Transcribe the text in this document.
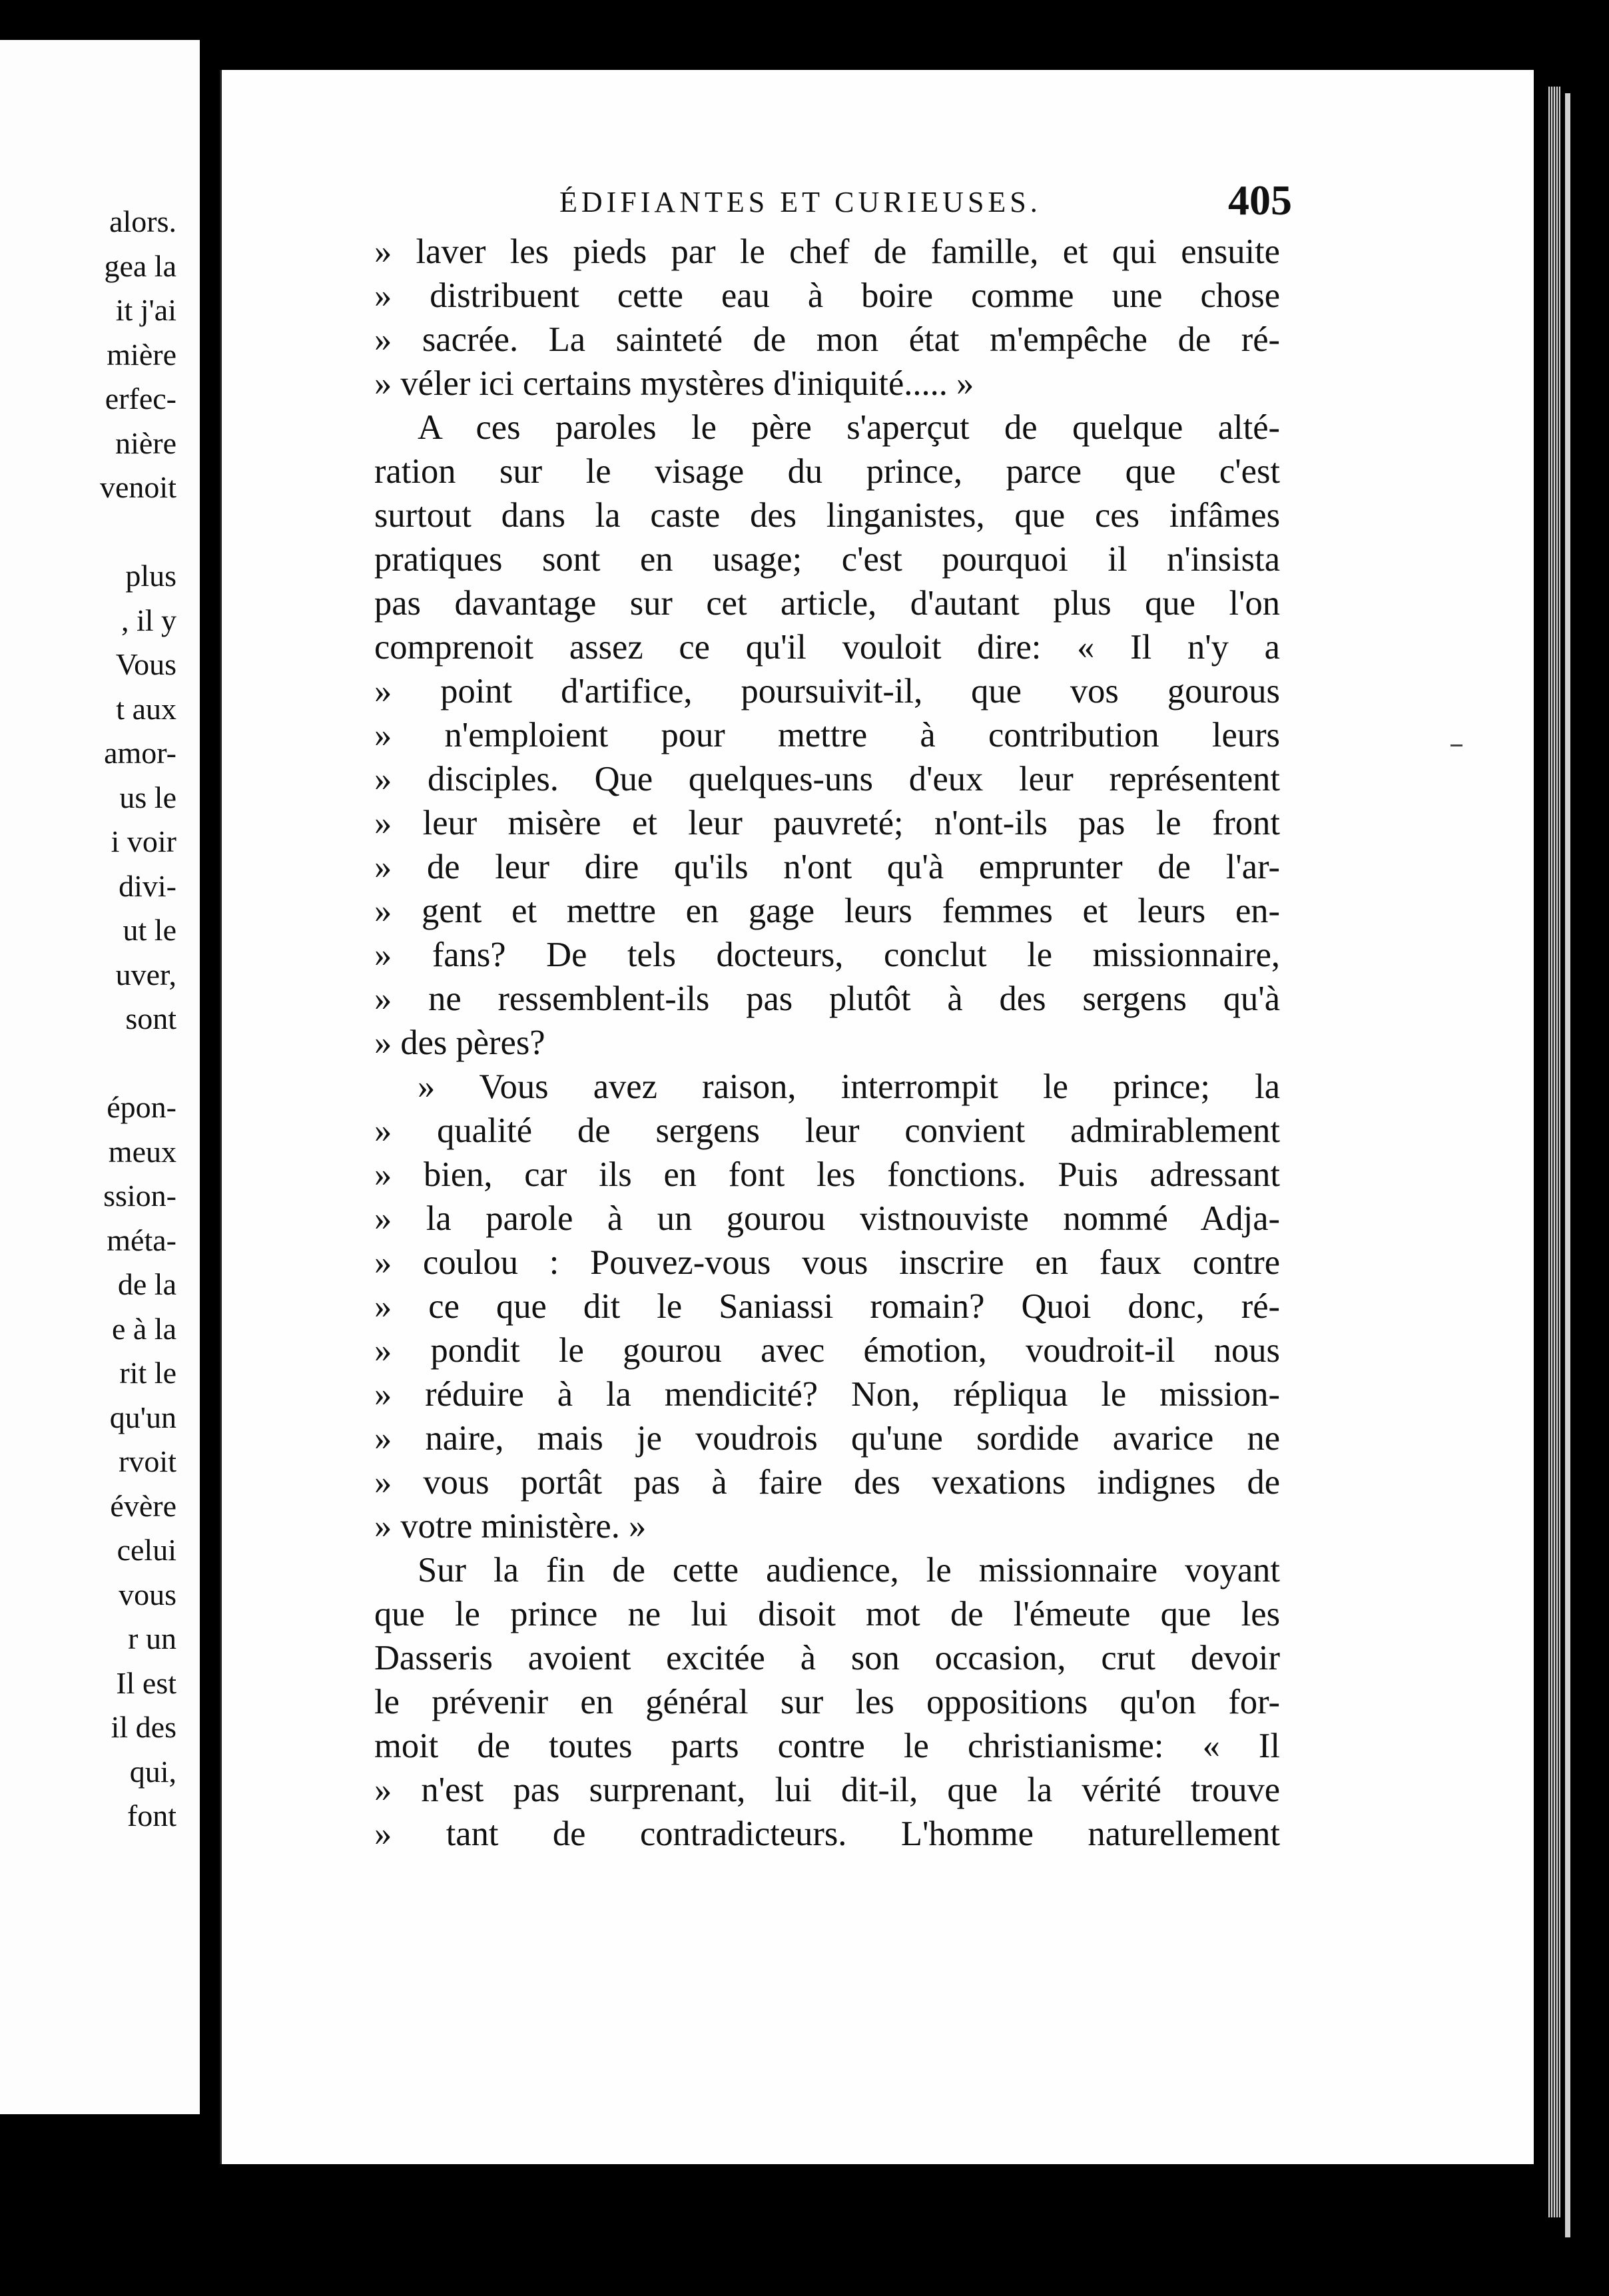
alors.
gea la
it j'ai
mière
erfec-
nière
venoit
plus
, il y
Vous
t aux
amor-
us le
i voir
divi-
ut le
uver,
sont
épon-
meux
ssion-
méta-
de la
e à la
rit le
qu'un
rvoit
évère
celui
vous
r un
Il est
il des
qui,
font
ÉDIFIANTES ET CURIEUSES.	405
» laver les pieds par le chef de famille, et qui ensuite
» distribuent cette eau à boire comme une chose
» sacrée. La sainteté de mon état m'empêche de ré-
» véler ici certains mystères d'iniquité..... »
A ces paroles le père s'aperçut de quelque alté-
ration sur le visage du prince, parce que c'est
surtout dans la caste des linganistes, que ces infâmes
pratiques sont en usage; c'est pourquoi il n'insista
pas davantage sur cet article, d'autant plus que l'on
comprenoit assez ce qu'il vouloit dire: « Il n'y a
» point d'artifice, poursuivit-il, que vos gourous
» n'emploient pour mettre à contribution leurs
» disciples. Que quelques-uns d'eux leur représentent
» leur misère et leur pauvreté; n'ont-ils pas le front
» de leur dire qu'ils n'ont qu'à emprunter de l'ar-
» gent et mettre en gage leurs femmes et leurs en-
» fans? De tels docteurs, conclut le missionnaire,
» ne ressemblent-ils pas plutôt à des sergens qu'à
» des pères?
» Vous avez raison, interrompit le prince; la
» qualité de sergens leur convient admirablement
» bien, car ils en font les fonctions. Puis adressant
» la parole à un gourou vistnouviste nommé Adja-
» coulou : Pouvez-vous vous inscrire en faux contre
» ce que dit le Saniassi romain? Quoi donc, ré-
» pondit le gourou avec émotion, voudroit-il nous
» réduire à la mendicité? Non, répliqua le mission-
» naire, mais je voudrois qu'une sordide avarice ne
» vous portât pas à faire des vexations indignes de
» votre ministère. »
Sur la fin de cette audience, le missionnaire voyant
que le prince ne lui disoit mot de l'émeute que les
Dasseris avoient excitée à son occasion, crut devoir
le prévenir en général sur les oppositions qu'on for-
moit de toutes parts contre le christianisme: « Il
» n'est pas surprenant, lui dit-il, que la vérité trouve
» tant de contradicteurs. L'homme naturellement
